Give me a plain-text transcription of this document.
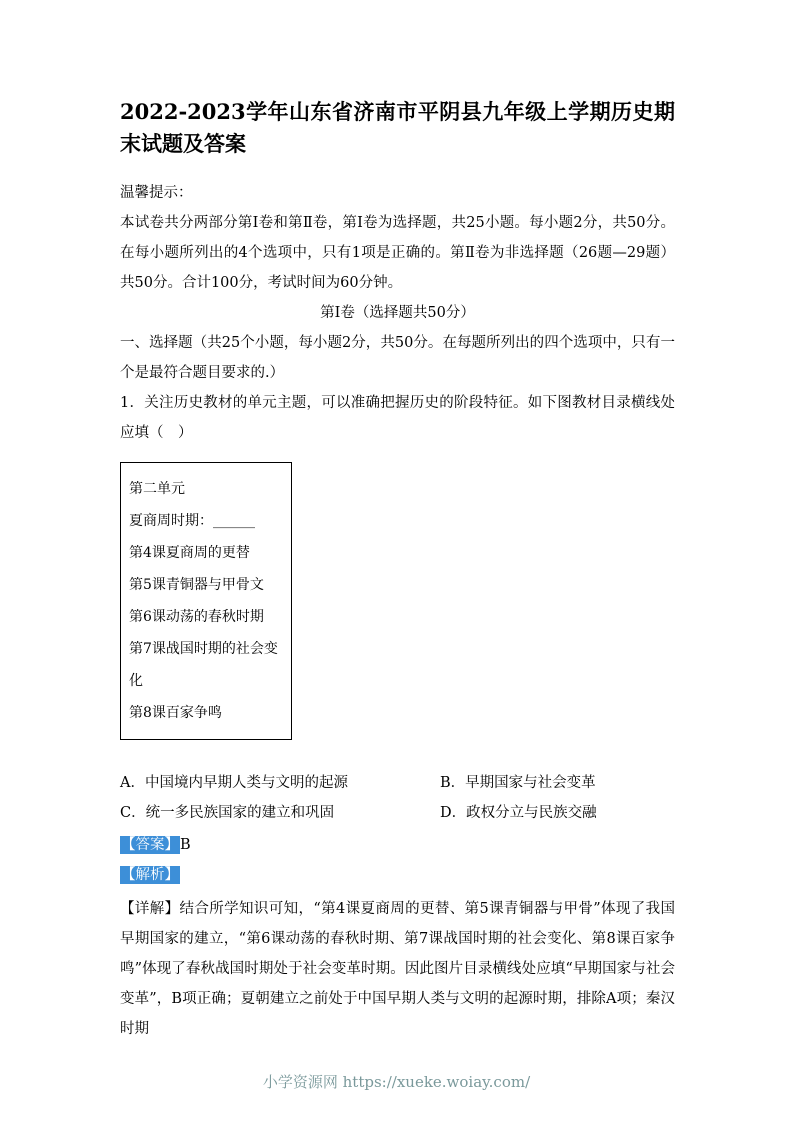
2022-2023学年山东省济南市平阴县九年级上学期历史期末试题及答案

温馨提示：

本试卷共分两部分第Ⅰ卷和第Ⅱ卷，第Ⅰ卷为选择题，共25小题。每小题2分，共50分。在每小题所列出的4个选项中，只有1项是正确的。第Ⅱ卷为非选择题（26题—29题）共50分。合计100分，考试时间为60分钟。

第Ⅰ卷（选择题共50分）

一、选择题（共25个小题，每小题2分，共50分。在每题所列出的四个选项中，只有一个是最符合题目要求的.）

1．关注历史教材的单元主题，可以准确把握历史的阶段特征。如下图教材目录横线处应填（　）

第二单元

夏商周时期：______

第4课夏商周的更替

第5课青铜器与甲骨文

第6课动荡的春秋时期

第7课战国时期的社会变化

第8课百家争鸣

A．中国境内早期人类与文明的起源	B．早期国家与社会变革
C．统一多民族国家的建立和巩固	D．政权分立与民族交融

【答案】B

【解析】

【详解】结合所学知识可知，“第4课夏商周的更替、第5课青铜器与甲骨”体现了我国早期国家的建立，“第6课动荡的春秋时期、第7课战国时期的社会变化、第8课百家争鸣”体现了春秋战国时期处于社会变革时期。因此图片目录横线处应填“早期国家与社会变革”，B项正确；夏朝建立之前处于中国早期人类与文明的起源时期，排除A项；秦汉时期

小学资源网 https://xueke.woiay.com/
